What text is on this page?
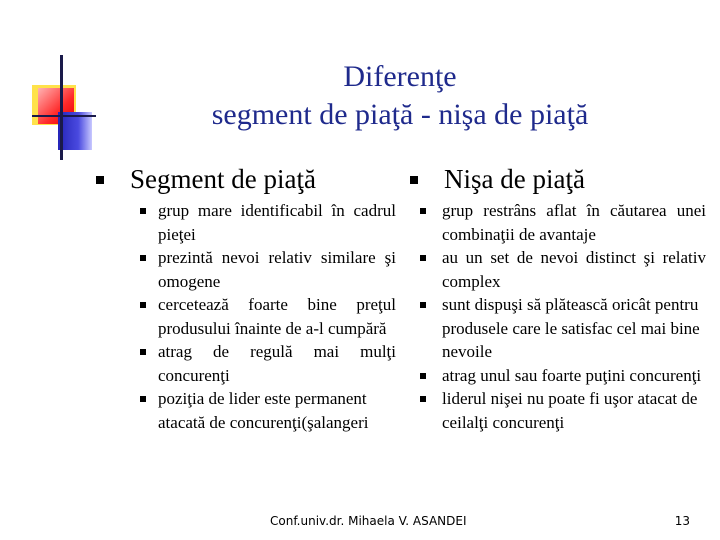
Diferenţe
segment de piaţă - nişa de piaţă
Segment de piaţă
grup mare identificabil în cadrul pieţei
prezintă nevoi relativ similare şi omogene
cercetează foarte bine preţul produsului înainte de a-l cumpără
atrag de regulă mai mulţi concurenţi
poziţia de lider este permanent atacată de concurenţi(şalangeri
Nişa de piaţă
grup restrâns aflat în căutarea unei combinaţii de avantaje
au un set de nevoi distinct şi relativ complex
sunt dispuşi să plătească oricât pentru produsele care le satisfac cel mai bine nevoile
atrag unul sau foarte puţini concurenţi
liderul nişei nu poate fi uşor atacat de ceilalţi concurenţi
Conf.univ.dr. Mihaela V. ASANDEI	13
